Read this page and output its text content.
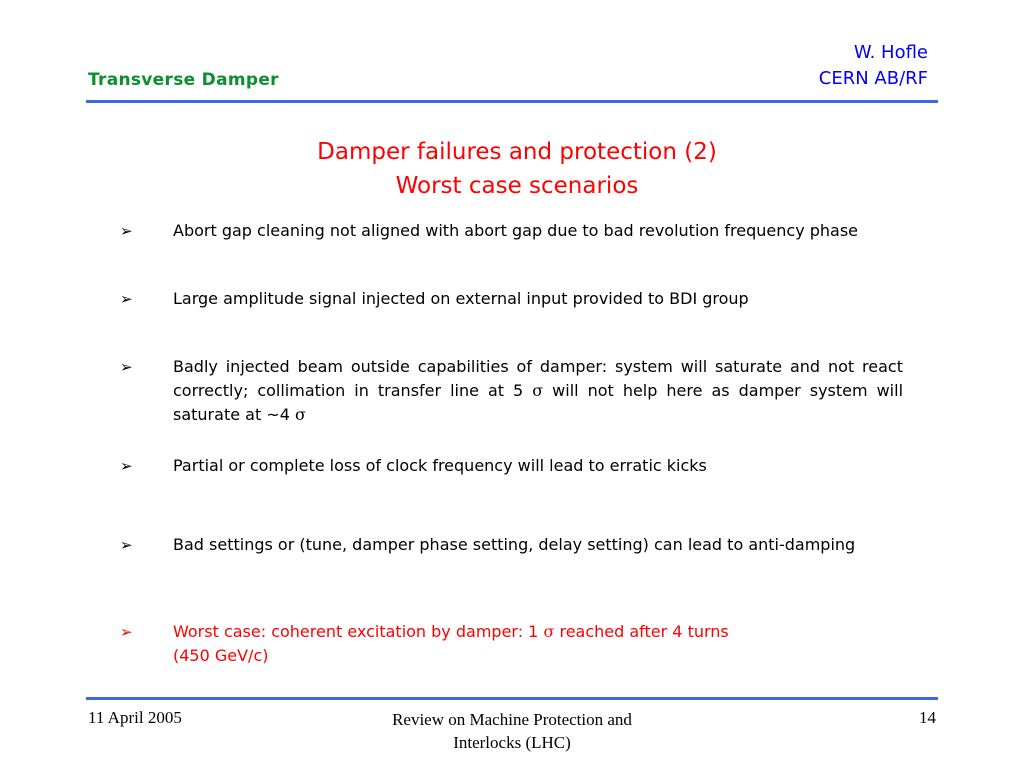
W. Hofle
CERN AB/RF
Transverse Damper
Damper failures and protection (2)
Worst case scenarios
➢	Abort gap cleaning not aligned with abort gap due to bad revolution frequency phase
➢	Large amplitude signal injected on external input provided to BDI group
➢	Badly injected beam outside capabilities of damper: system will saturate and not react correctly; collimation in transfer line at 5 σ will not help here as damper system will saturate at ~4 σ
➢	Partial or complete loss of clock frequency will lead to erratic kicks
➢	Bad settings or (tune, damper phase setting, delay setting) can lead to anti-damping
➢	Worst case: coherent excitation by damper: 1 σ reached after 4 turns
(450 GeV/c)
11 April 2005	Review on Machine Protection and
Interlocks (LHC)
14
